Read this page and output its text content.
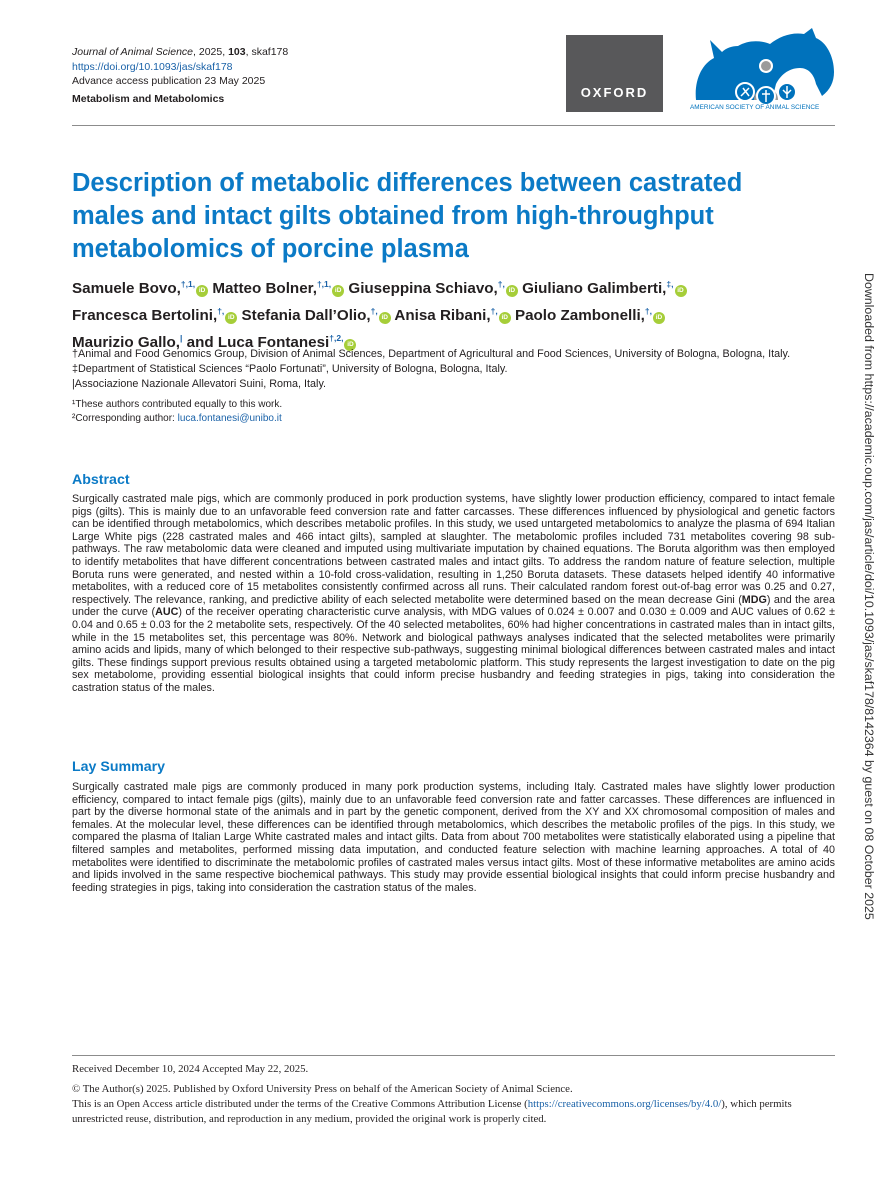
Journal of Animal Science, 2025, 103, skaf178
https://doi.org/10.1093/jas/skaf178
Advance access publication 23 May 2025
Metabolism and Metabolomics	OXFORD
AMERICAN SOCIETY OF ANIMAL SCIENCE
Description of metabolic differences between castrated males and intact gilts obtained from high-throughput metabolomics of porcine plasma
Samuele Bovo,$^{\dagger,1,}$iD Matteo Bolner,$^{\dagger,1,}$iD Giuseppina Schiavo,†,iD Giuliano Galimberti,‡,iD
Francesca Bertolini,†,iD Stefania Dall’Olio,†,iD Anisa Ribani,†,iD Paolo Zambonelli,†,iD
Maurizio Gallo,| and Luca Fontanesi$^{\dagger,2,}$iD

†Animal and Food Genomics Group, Division of Animal Sciences, Department of Agricultural and Food Sciences, University of Bologna, Bologna, Italy.

‡Department of Statistical Sciences “Paolo Fortunati”, University of Bologna, Bologna, Italy.

|Associazione Nazionale Allevatori Suini, Roma, Italy.

¹These authors contributed equally to this work.

²Corresponding author: luca.fontanesi@unibo.it

Abstract

Surgically castrated male pigs, which are commonly produced in pork production systems, have slightly lower production efficiency, compared to intact female pigs (gilts). This is mainly due to an unfavorable feed conversion rate and fatter carcasses. These differences influenced by physiological and genetic factors can be identified through metabolomics, which describes metabolic profiles. In this study, we used untargeted metabolomics to analyze the plasma of 694 Italian Large White pigs (228 castrated males and 466 intact gilts), sampled at slaughter. The metabolomic profiles included 731 metabolites covering 98 sub-pathways. The raw metabolomic data were cleaned and imputed using multivariate imputation by chained equations. The Boruta algorithm was then employed to identify metabolites that have different concentrations between castrated males and intact gilts. To address the random nature of feature selection, multiple Boruta runs were generated, and nested within a 10-fold cross-validation, resulting in 1,250 Boruta datasets. These datasets helped identify 40 informative metabolites, with a reduced core of 15 metabolites consistently confirmed across all runs. Their calculated random forest out-of-bag error was 0.25 and 0.27, respectively. The relevance, ranking, and predictive ability of each selected metabolite were determined based on the mean decrease Gini (MDG) and the area under the curve (AUC) of the receiver operating characteristic curve analysis, with MDG values of 0.024 ± 0.007 and 0.030 ± 0.009 and AUC values of 0.62 ± 0.04 and 0.65 ± 0.03 for the 2 metabolite sets, respectively. Of the 40 selected metabolites, 60% had higher concentrations in castrated males than in intact gilts, while in the 15 metabolites set, this percentage was 80%. Network and biological pathways analyses indicated that the selected metabolites were primarily amino acids and lipids, many of which belonged to their respective sub-pathways, suggesting minimal biological differences between castrated males and intact gilts. These findings support previous results obtained using a targeted metabolomic platform. This study represents the largest investigation to date on the pig sex metabolome, providing essential biological insights that could inform precise husbandry and feeding strategies in pigs, taking into consideration the castration status of the males.

Lay Summary

Surgically castrated male pigs are commonly produced in many pork production systems, including Italy. Castrated males have slightly lower production efficiency, compared to intact female pigs (gilts), mainly due to an unfavorable feed conversion rate and fatter carcasses. These differences are influenced in part by the diverse hormonal state of the animals and in part by the genetic component, derived from the XY and XX chromosomal composition of males and females. At the molecular level, these differences can be identified through metabolomics, which describes the metabolic profiles of the pigs. In this study, we compared the plasma of Italian Large White castrated males and intact gilts. Data from about 700 metabolites were statistically elaborated using a pipeline that filtered samples and metabolites, performed missing data imputation, and conducted feature selection with machine learning approaches. A total of 40 metabolites were identified to discriminate the metabolomic profiles of castrated males versus intact gilts. Most of these informative metabolites are amino acids and lipids involved in the same respective biochemical pathways. This study may provide essential biological insights that could inform precise husbandry and feeding strategies in pigs, taking into consideration the castration status of the males.	Downloaded from https://academic.oup.com/jas/article/doi/10.1093/jas/skaf178/8142364 by guest on 08 October 2025

Received December 10, 2024 Accepted May 22, 2025.

© The Author(s) 2025. Published by Oxford University Press on behalf of the American Society of Animal Science.

This is an Open Access article distributed under the terms of the Creative Commons Attribution License (https://creativecommons.org/licenses/by/4.0/), which permits unrestricted reuse, distribution, and reproduction in any medium, provided the original work is properly cited.
